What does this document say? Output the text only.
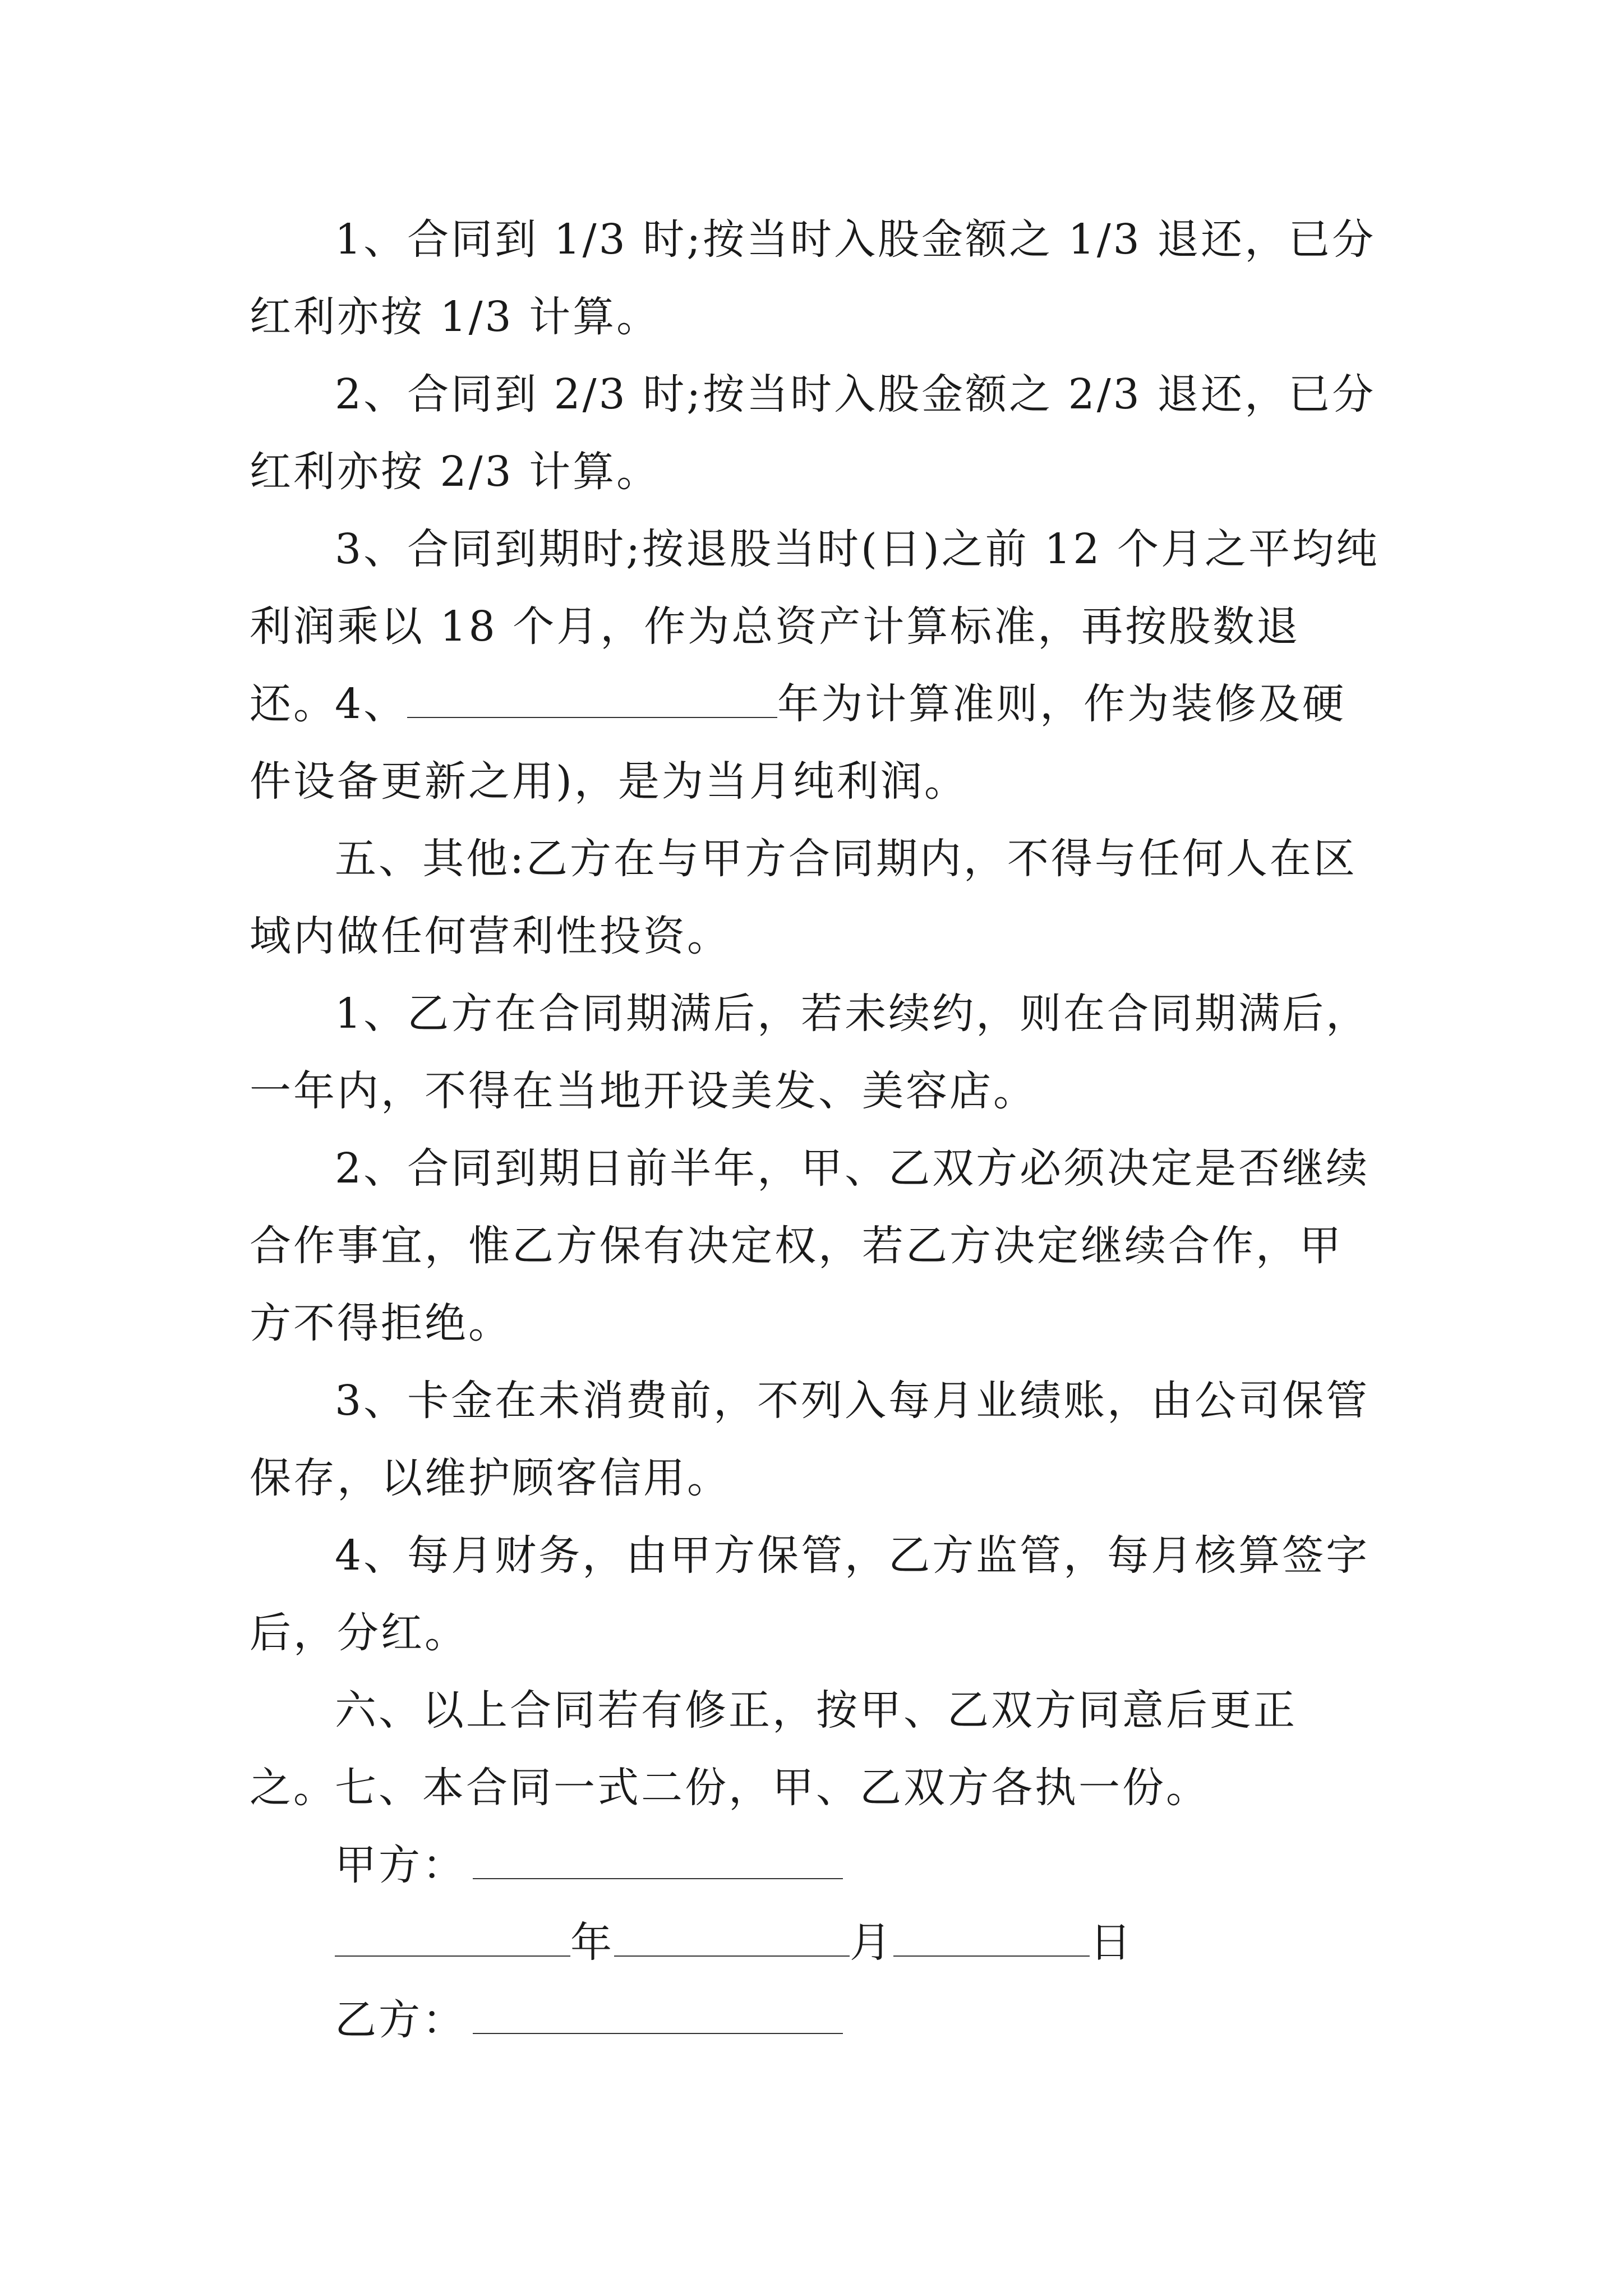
1、合同到 1/3 时;按当时入股金额之 1/3 退还，已分红利亦按 1/3 计算。

2、合同到 2/3 时;按当时入股金额之 2/3 退还，已分红利亦按 2/3 计算。

3、合同到期时;按退股当时(日)之前 12 个月之平均纯利润乘以 18 个月，作为总资产计算标准，再按股数退还。

4、	年为计算准则，作为装修及硬件设备更新之用)，是为当月纯利润。

五、其他:乙方在与甲方合同期内，不得与任何人在区域内做任何营利性投资。

1、乙方在合同期满后，若未续约，则在合同期满后，一年内，不得在当地开设美发、美容店。

2、合同到期日前半年，甲、乙双方必须决定是否继续合作事宜，惟乙方保有决定权，若乙方决定继续合作，甲方不得拒绝。

3、卡金在未消费前，不列入每月业绩账，由公司保管保存，以维护顾客信用。

4、每月财务，由甲方保管，乙方监管，每月核算签字后，分红。

六、以上合同若有修正，按甲、乙双方同意后更正之。

七、本合同一式二份，甲、乙双方各执一份。

甲方：

年	月	日

乙方：
